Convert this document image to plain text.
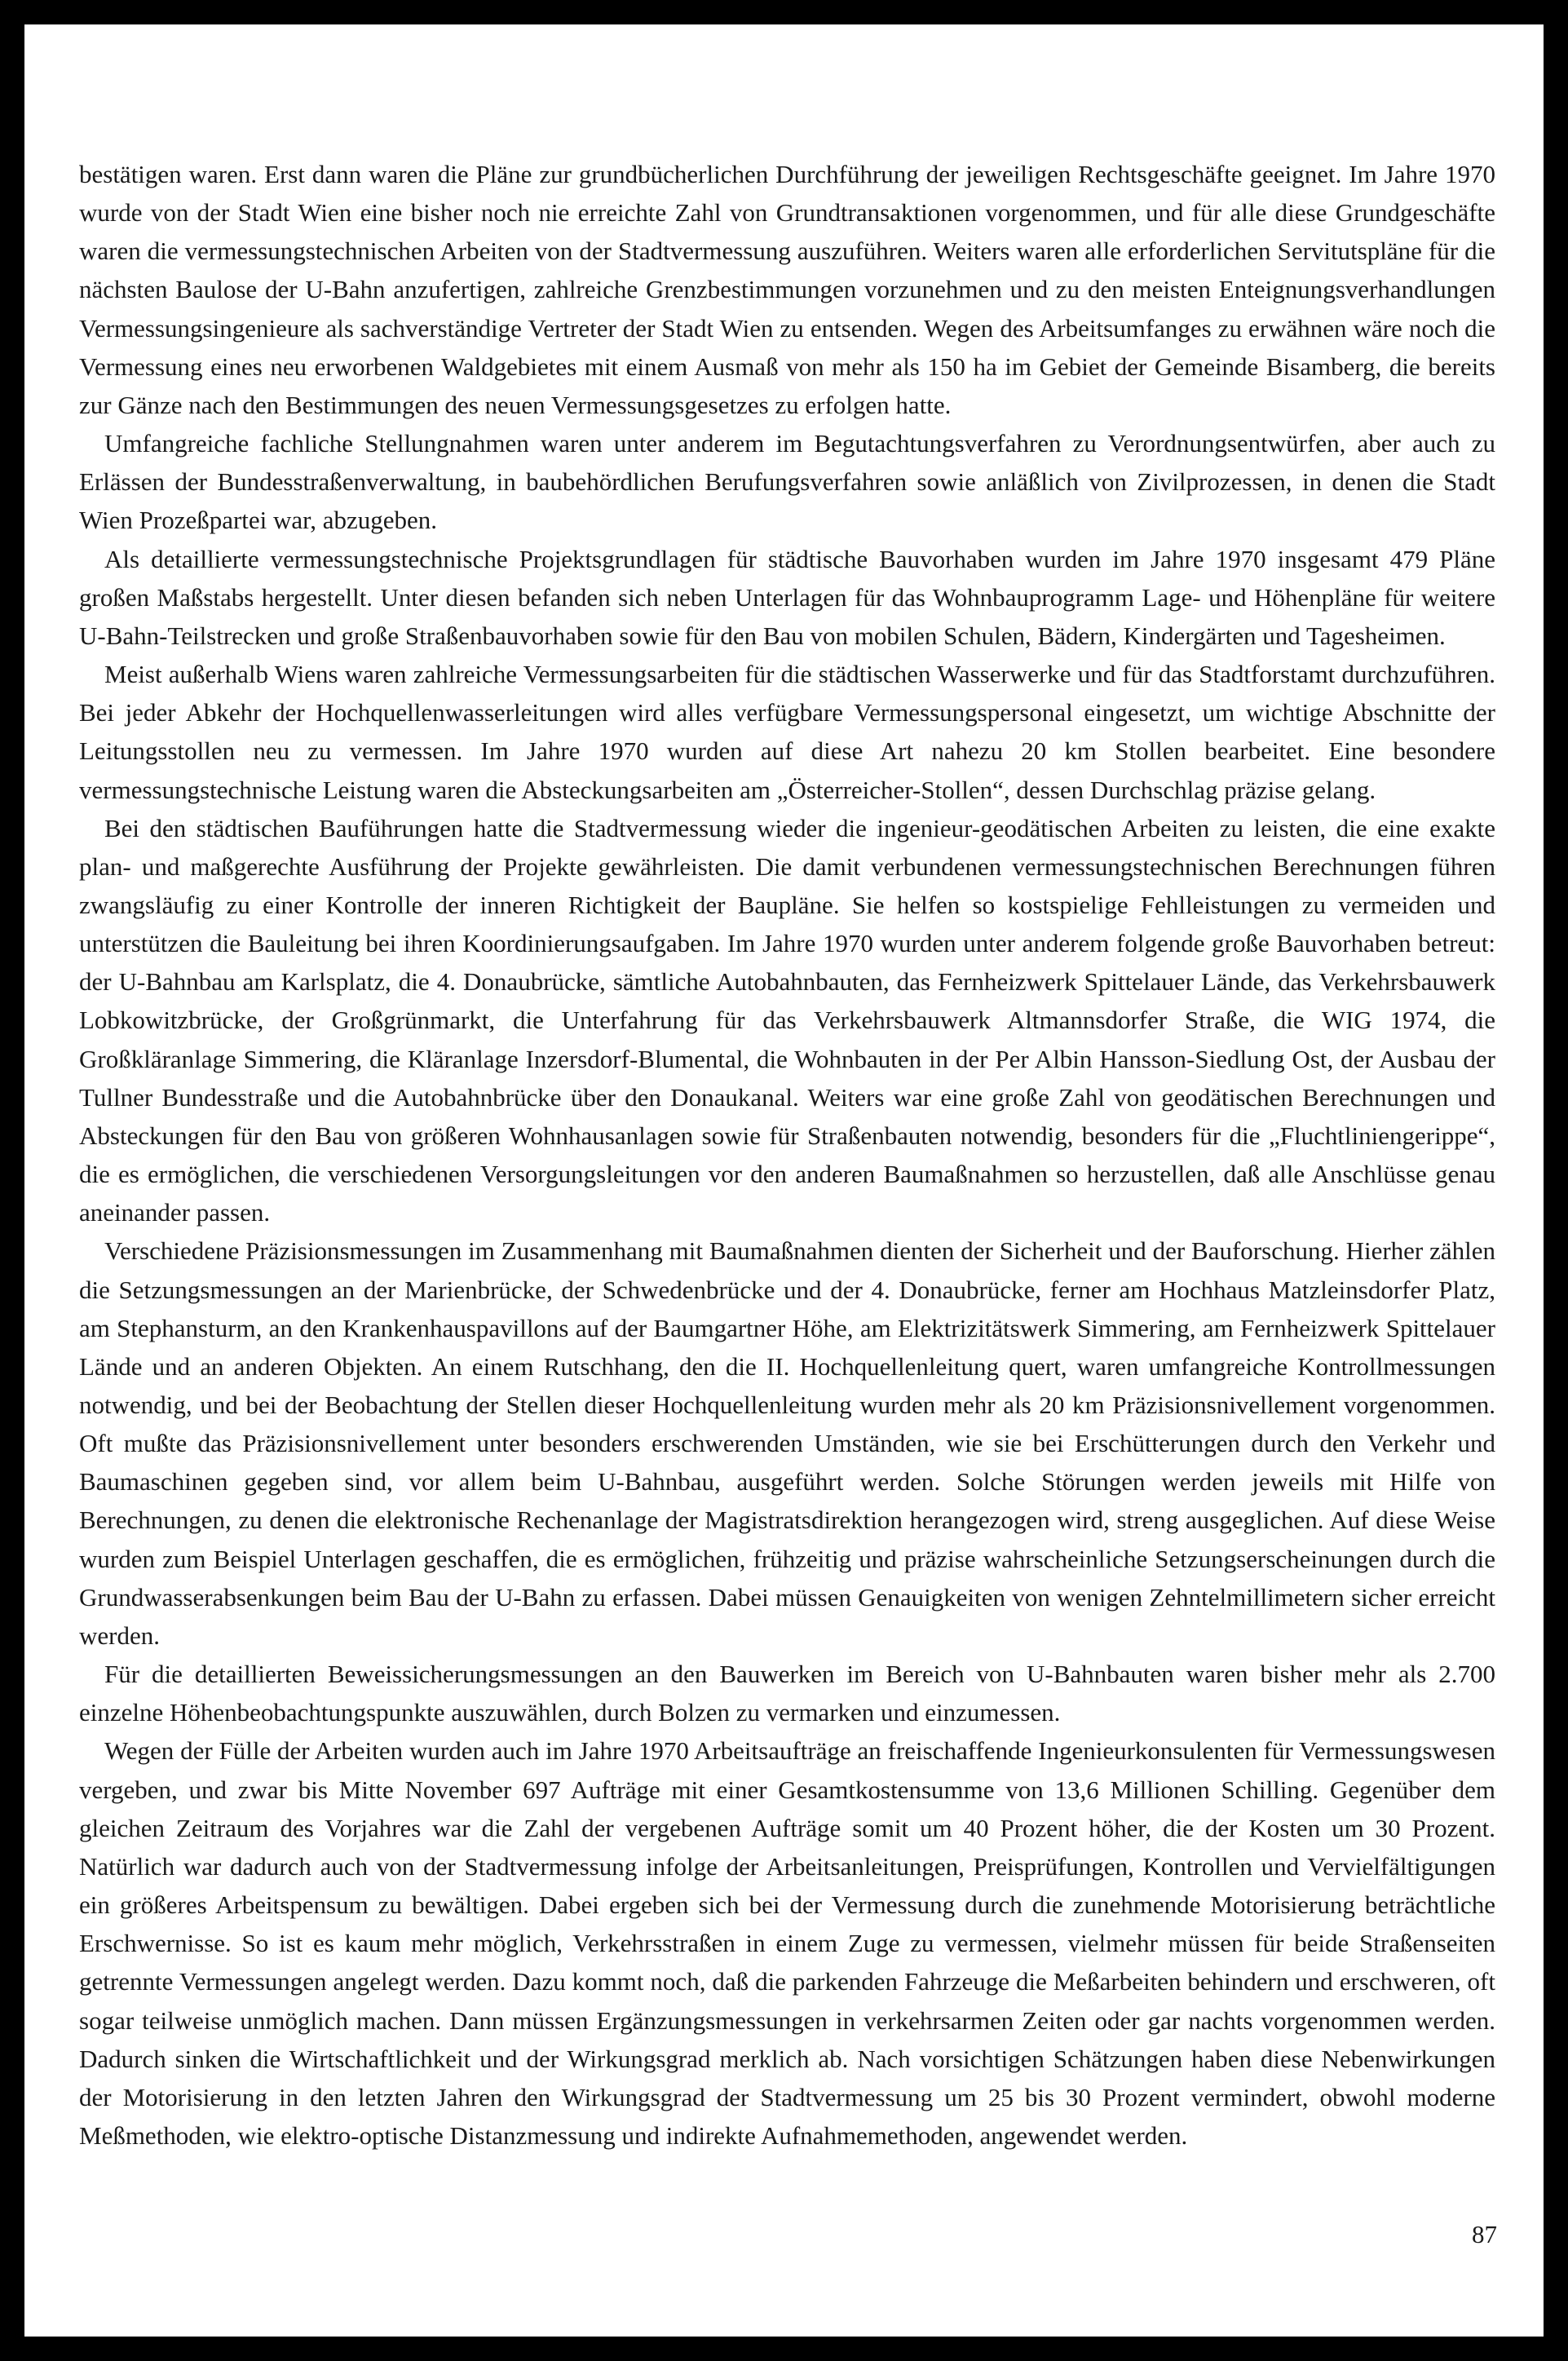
bestätigen waren. Erst dann waren die Pläne zur grundbücherlichen Durchführung der jeweiligen Rechtsgeschäfte geeignet. Im Jahre 1970 wurde von der Stadt Wien eine bisher noch nie erreichte Zahl von Grundtransaktionen vorgenommen, und für alle diese Grundgeschäfte waren die vermessungstechnischen Arbeiten von der Stadtvermessung auszuführen. Weiters waren alle erforderlichen Servitutspläne für die nächsten Baulose der U-Bahn anzufertigen, zahlreiche Grenzbestimmungen vorzunehmen und zu den meisten Enteignungsverhandlungen Vermessungsingenieure als sachverständige Vertreter der Stadt Wien zu entsenden. Wegen des Arbeitsumfanges zu erwähnen wäre noch die Vermessung eines neu erworbenen Waldgebietes mit einem Ausmaß von mehr als 150 ha im Gebiet der Gemeinde Bisamberg, die bereits zur Gänze nach den Bestimmungen des neuen Vermessungsgesetzes zu erfolgen hatte.

Umfangreiche fachliche Stellungnahmen waren unter anderem im Begutachtungsverfahren zu Verordnungsentwürfen, aber auch zu Erlässen der Bundesstraßenverwaltung, in baubehördlichen Berufungsverfahren sowie anläßlich von Zivilprozessen, in denen die Stadt Wien Prozeßpartei war, abzugeben.

Als detaillierte vermessungstechnische Projektsgrundlagen für städtische Bauvorhaben wurden im Jahre 1970 insgesamt 479 Pläne großen Maßstabs hergestellt. Unter diesen befanden sich neben Unterlagen für das Wohnbauprogramm Lage- und Höhenpläne für weitere U-Bahn-Teilstrecken und große Straßenbauvorhaben sowie für den Bau von mobilen Schulen, Bädern, Kindergärten und Tagesheimen.

Meist außerhalb Wiens waren zahlreiche Vermessungsarbeiten für die städtischen Wasserwerke und für das Stadtforstamt durchzuführen. Bei jeder Abkehr der Hochquellenwasserleitungen wird alles verfügbare Vermessungspersonal eingesetzt, um wichtige Abschnitte der Leitungsstollen neu zu vermessen. Im Jahre 1970 wurden auf diese Art nahezu 20 km Stollen bearbeitet. Eine besondere vermessungstechnische Leistung waren die Absteckungsarbeiten am „Österreicher-Stollen“, dessen Durchschlag präzise gelang.

Bei den städtischen Bauführungen hatte die Stadtvermessung wieder die ingenieur-geodätischen Arbeiten zu leisten, die eine exakte plan- und maßgerechte Ausführung der Projekte gewährleisten. Die damit verbundenen vermessungstechnischen Berechnungen führen zwangsläufig zu einer Kontrolle der inneren Richtigkeit der Baupläne. Sie helfen so kostspielige Fehlleistungen zu vermeiden und unterstützen die Bauleitung bei ihren Koordinierungsaufgaben. Im Jahre 1970 wurden unter anderem folgende große Bauvorhaben betreut: der U-Bahnbau am Karlsplatz, die 4. Donaubrücke, sämtliche Autobahnbauten, das Fernheizwerk Spittelauer Lände, das Verkehrsbauwerk Lobkowitzbrücke, der Großgrünmarkt, die Unterfahrung für das Verkehrsbauwerk Altmannsdorfer Straße, die WIG 1974, die Großkläranlage Simmering, die Kläranlage Inzersdorf-Blumental, die Wohnbauten in der Per Albin Hansson-Siedlung Ost, der Ausbau der Tullner Bundesstraße und die Autobahnbrücke über den Donaukanal. Weiters war eine große Zahl von geodätischen Berechnungen und Absteckungen für den Bau von größeren Wohnhausanlagen sowie für Straßenbauten notwendig, besonders für die „Fluchtliniengerippe“, die es ermöglichen, die verschiedenen Versorgungsleitungen vor den anderen Baumaßnahmen so herzustellen, daß alle Anschlüsse genau aneinander passen.

Verschiedene Präzisionsmessungen im Zusammenhang mit Baumaßnahmen dienten der Sicherheit und der Bauforschung. Hierher zählen die Setzungsmessungen an der Marienbrücke, der Schwedenbrücke und der 4. Donaubrücke, ferner am Hochhaus Matzleinsdorfer Platz, am Stephansturm, an den Krankenhauspavillons auf der Baumgartner Höhe, am Elektrizitätswerk Simmering, am Fernheizwerk Spittelauer Lände und an anderen Objekten. An einem Rutschhang, den die II. Hochquellenleitung quert, waren umfangreiche Kontrollmessungen notwendig, und bei der Beobachtung der Stellen dieser Hochquellenleitung wurden mehr als 20 km Präzisionsnivellement vorgenommen. Oft mußte das Präzisionsnivellement unter besonders erschwerenden Umständen, wie sie bei Erschütterungen durch den Verkehr und Baumaschinen gegeben sind, vor allem beim U-Bahnbau, ausgeführt werden. Solche Störungen werden jeweils mit Hilfe von Berechnungen, zu denen die elektronische Rechenanlage der Magistratsdirektion herangezogen wird, streng ausgeglichen. Auf diese Weise wurden zum Beispiel Unterlagen geschaffen, die es ermöglichen, frühzeitig und präzise wahrscheinliche Setzungserscheinungen durch die Grundwasserabsenkungen beim Bau der U-Bahn zu erfassen. Dabei müssen Genauigkeiten von wenigen Zehntelmillimetern sicher erreicht werden.

Für die detaillierten Beweissicherungsmessungen an den Bauwerken im Bereich von U-Bahnbauten waren bisher mehr als 2.700 einzelne Höhenbeobachtungspunkte auszuwählen, durch Bolzen zu vermarken und einzumessen.

Wegen der Fülle der Arbeiten wurden auch im Jahre 1970 Arbeitsaufträge an freischaffende Ingenieurkonsulenten für Vermessungswesen vergeben, und zwar bis Mitte November 697 Aufträge mit einer Gesamtkostensumme von 13,6 Millionen Schilling. Gegenüber dem gleichen Zeitraum des Vorjahres war die Zahl der vergebenen Aufträge somit um 40 Prozent höher, die der Kosten um 30 Prozent. Natürlich war dadurch auch von der Stadtvermessung infolge der Arbeitsanleitungen, Preisprüfungen, Kontrollen und Vervielfältigungen ein größeres Arbeitspensum zu bewältigen. Dabei ergeben sich bei der Vermessung durch die zunehmende Motorisierung beträchtliche Erschwernisse. So ist es kaum mehr möglich, Verkehrsstraßen in einem Zuge zu vermessen, vielmehr müssen für beide Straßenseiten getrennte Vermessungen angelegt werden. Dazu kommt noch, daß die parkenden Fahrzeuge die Meßarbeiten behindern und erschweren, oft sogar teilweise unmöglich machen. Dann müssen Ergänzungsmessungen in verkehrsarmen Zeiten oder gar nachts vorgenommen werden. Dadurch sinken die Wirtschaftlichkeit und der Wirkungsgrad merklich ab. Nach vorsichtigen Schätzungen haben diese Nebenwirkungen der Motorisierung in den letzten Jahren den Wirkungsgrad der Stadtvermessung um 25 bis 30 Prozent vermindert, obwohl moderne Meßmethoden, wie elektro-optische Distanzmessung und indirekte Aufnahmemethoden, angewendet werden.

87
